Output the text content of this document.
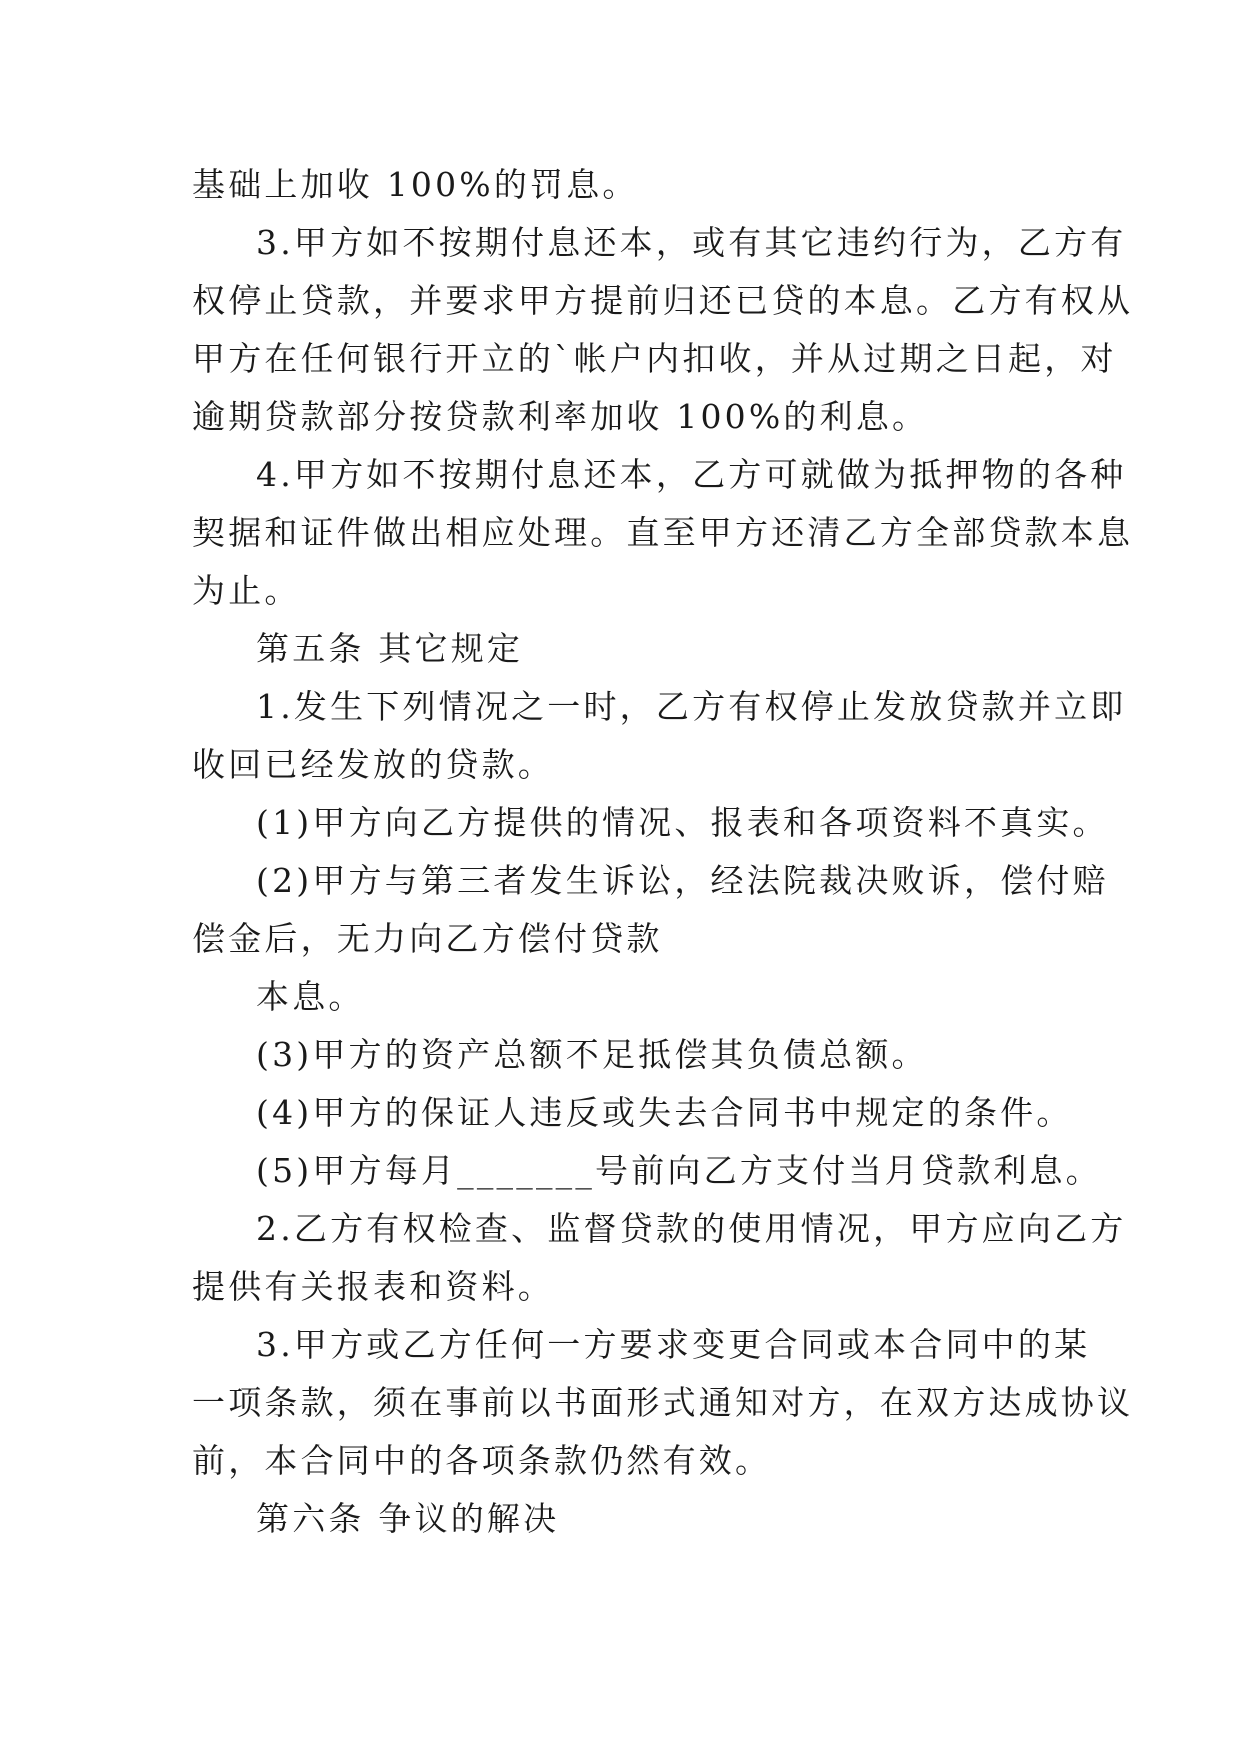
基础上加收 100%的罚息。
3.甲方如不按期付息还本，或有其它违约行为，乙方有
权停止贷款，并要求甲方提前归还已贷的本息。乙方有权从
甲方在任何银行开立的`帐户内扣收，并从过期之日起，对
逾期贷款部分按贷款利率加收 100%的利息。
4.甲方如不按期付息还本，乙方可就做为抵押物的各种
契据和证件做出相应处理。直至甲方还清乙方全部贷款本息
为止。
第五条 其它规定
1.发生下列情况之一时，乙方有权停止发放贷款并立即
收回已经发放的贷款。
(1)甲方向乙方提供的情况、报表和各项资料不真实。
(2)甲方与第三者发生诉讼，经法院裁决败诉，偿付赔
偿金后，无力向乙方偿付贷款
本息。
(3)甲方的资产总额不足抵偿其负债总额。
(4)甲方的保证人违反或失去合同书中规定的条件。
(5)甲方每月_______号前向乙方支付当月贷款利息。
2.乙方有权检查、监督贷款的使用情况，甲方应向乙方
提供有关报表和资料。
3.甲方或乙方任何一方要求变更合同或本合同中的某
一项条款，须在事前以书面形式通知对方，在双方达成协议
前，本合同中的各项条款仍然有效。
第六条 争议的解决
